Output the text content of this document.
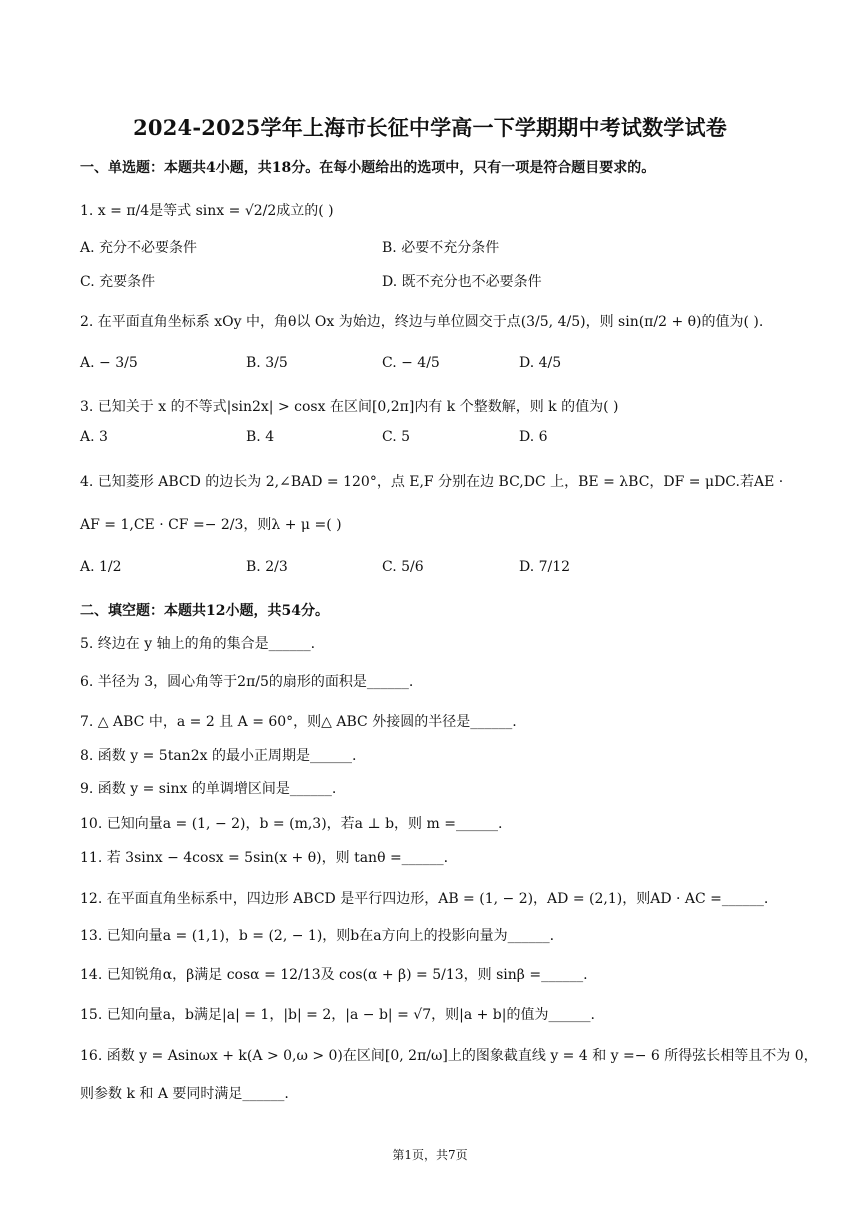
2024-2025学年上海市长征中学高一下学期期中考试数学试卷
一、单选题：本题共4小题，共18分。在每小题给出的选项中，只有一项是符合题目要求的。
1. x = π/4是等式 sinx = √2/2成立的( )
A. 充分不必要条件	B. 必要不充分条件
C. 充要条件	D. 既不充分也不必要条件
2. 在平面直角坐标系 xOy 中，角θ以 Ox 为始边，终边与单位圆交于点(3/5, 4/5)，则 sin(π/2 + θ)的值为( ).
A. − 3/5	B. 3/5	C. − 4/5	D. 4/5
3. 已知关于 x 的不等式|sin2x| > cosx 在区间[0,2π]内有 k 个整数解，则 k 的值为( )
A. 3	B. 4	C. 5	D. 6
4. 已知菱形 ABCD 的边长为 2,∠BAD = 120°，点 E,F 分别在边 BC,DC 上，BE = λBC，DF = μDC.若AE ·
AF = 1,CE · CF =− 2/3，则λ + μ =( )
A. 1/2	B. 2/3	C. 5/6	D. 7/12
二、填空题：本题共12小题，共54分。
5. 终边在 y 轴上的角的集合是______.
6. 半径为 3，圆心角等于2π/5的扇形的面积是______.
7. △ ABC 中，a = 2 且 A = 60°，则△ ABC 外接圆的半径是______.
8. 函数 y = 5tan2x 的最小正周期是______.
9. 函数 y = sinx 的单调增区间是______.
10. 已知向量a = (1, − 2)，b = (m,3)，若a ⊥ b，则 m =______.
11. 若 3sinx − 4cosx = 5sin(x + θ)，则 tanθ =______.
12. 在平面直角坐标系中，四边形 ABCD 是平行四边形，AB = (1, − 2)，AD = (2,1)，则AD · AC =______.
13. 已知向量a = (1,1)，b = (2, − 1)，则b在a方向上的投影向量为______.
14. 已知锐角α，β满足 cosα = 12/13及 cos(α + β) = 5/13，则 sinβ =______.
15. 已知向量a，b满足|a| = 1，|b| = 2，|a − b| = √7，则|a + b|的值为______.
16. 函数 y = Asinωx + k(A > 0,ω > 0)在区间[0, 2π/ω]上的图象截直线 y = 4 和 y =− 6 所得弦长相等且不为 0，
则参数 k 和 A 要同时满足______.
第1页，共7页
